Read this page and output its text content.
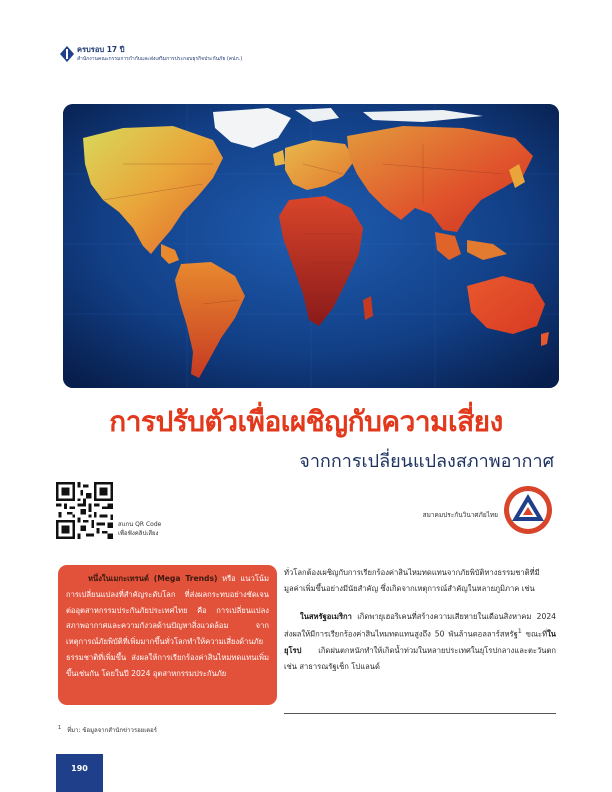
ครบรอบ 17 ปี
สำนักงานคณะกรรมการกำกับและส่งเสริมการประกอบธุรกิจประกันภัย (คปภ.)
การปรับตัวเพื่อเผชิญกับความเสี่ยง
จากการเปลี่ยนแปลงสภาพอากาศ
สแกน QR Code
เพื่อฟังคลิปเสียง
สมาคมประกันวินาศภัยไทย
หนึ่งในเมกะเทรนด์ (Mega Trends) หรือ แนวโน้มการเปลี่ยนแปลงที่สำคัญระดับโลก ที่ส่งผลกระทบอย่างชัดเจนต่ออุตสาหกรรมประกันภัยประเทศไทย คือ การเปลี่ยนแปลงสภาพอากาศและความกังวลด้านปัญหาสิ่งแวดล้อม จากเหตุการณ์ภัยพิบัติที่เพิ่มมากขึ้นทั่วโลกทำให้ความเสี่ยงด้านภัยธรรมชาติที่เพิ่มขึ้น ส่งผลให้การเรียกร้องค่าสินไหมทดแทนเพิ่มขึ้นเช่นกัน โดยในปี 2024 อุตสาหกรรมประกันภัย

ทั่วโลกต้องเผชิญกับการเรียกร้องค่าสินไหมทดแทนจากภัยพิบัติทางธรรมชาติที่มีมูลค่าเพิ่มขึ้นอย่างมีนัยสำคัญ ซึ่งเกิดจากเหตุการณ์สำคัญในหลายภูมิภาค เช่น

ในสหรัฐอเมริกา เกิดพายุเฮอริเคนที่สร้างความเสียหายในเดือนสิงหาคม 2024 ส่งผลให้มีการเรียกร้องค่าสินไหมทดแทนสูงถึง 50 พันล้านดอลลาร์สหรัฐ$^1$ ขณะที่ในยุโรป เกิดฝนตกหนักทำให้เกิดน้ำท่วมในหลายประเทศในยุโรปกลางและตะวันตก เช่น สาธารณรัฐเช็ก โปแลนด์

$^1$ ที่มา: ข้อมูลจากสำนักข่าวรอยเตอร์
190
